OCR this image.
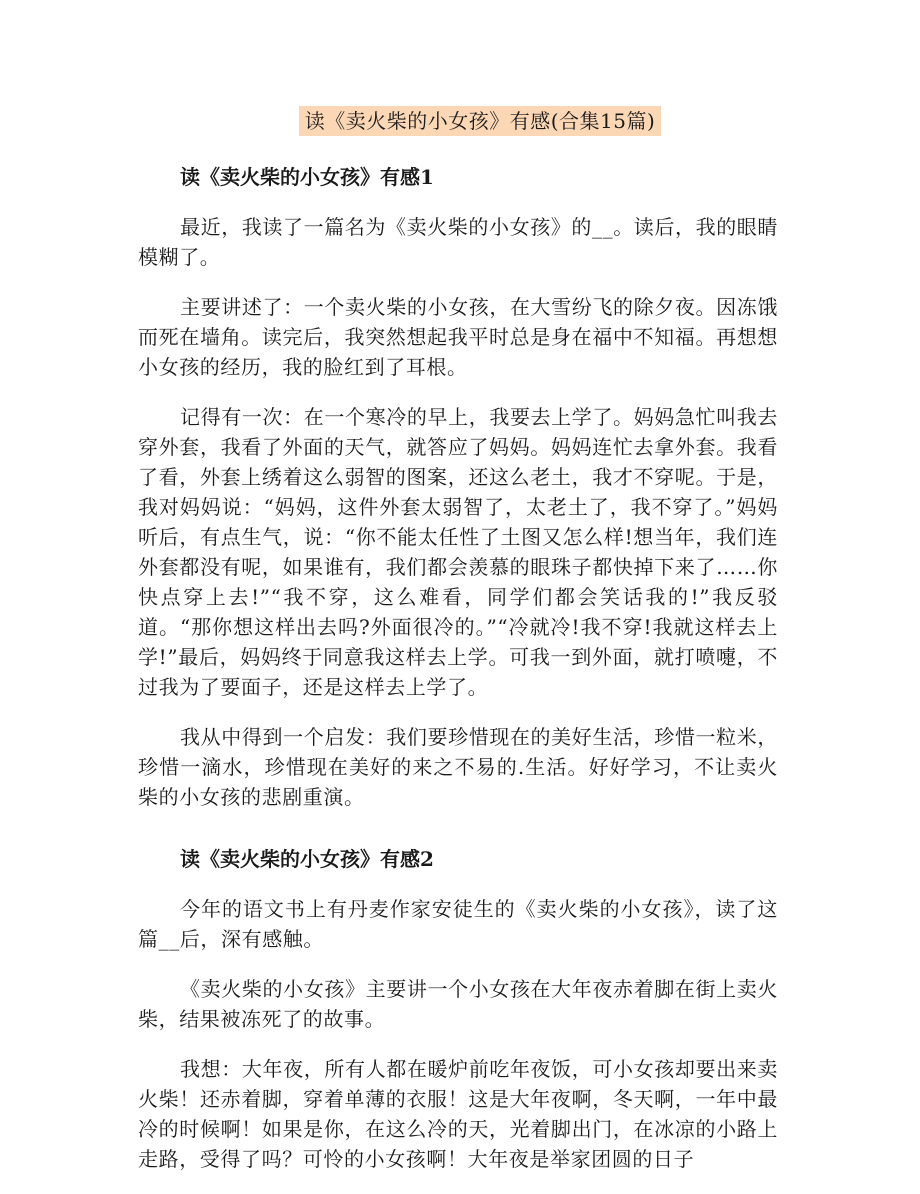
读《卖火柴的小女孩》有感(合集15篇)

读《卖火柴的小女孩》有感1

最近，我读了一篇名为《卖火柴的小女孩》的__。读后，我的眼睛模糊了。

主要讲述了：一个卖火柴的小女孩，在大雪纷飞的除夕夜。因冻饿而死在墙角。读完后，我突然想起我平时总是身在福中不知福。再想想小女孩的经历，我的脸红到了耳根。

记得有一次：在一个寒冷的早上，我要去上学了。妈妈急忙叫我去穿外套，我看了外面的天气，就答应了妈妈。妈妈连忙去拿外套。我看了看，外套上绣着这么弱智的图案，还这么老土，我才不穿呢。于是，我对妈妈说：“妈妈，这件外套太弱智了，太老土了，我不穿了。”妈妈听后，有点生气，说：“你不能太任性了土图又怎么样!想当年，我们连外套都没有呢，如果谁有，我们都会羡慕的眼珠子都快掉下来了……你快点穿上去!”“我不穿，这么难看，同学们都会笑话我的!”我反驳道。“那你想这样出去吗?外面很冷的。”“冷就冷!我不穿!我就这样去上学!”最后，妈妈终于同意我这样去上学。可我一到外面，就打喷嚏，不过我为了要面子，还是这样去上学了。

我从中得到一个启发：我们要珍惜现在的美好生活，珍惜一粒米，珍惜一滴水，珍惜现在美好的来之不易的.生活。好好学习，不让卖火柴的小女孩的悲剧重演。

读《卖火柴的小女孩》有感2

今年的语文书上有丹麦作家安徒生的《卖火柴的小女孩》，读了这篇__后，深有感触。

《卖火柴的小女孩》主要讲一个小女孩在大年夜赤着脚在街上卖火柴，结果被冻死了的故事。

我想：大年夜，所有人都在暖炉前吃年夜饭，可小女孩却要出来卖火柴！还赤着脚，穿着单薄的衣服！这是大年夜啊，冬天啊，一年中最冷的时候啊！如果是你，在这么冷的天，光着脚出门，在冰凉的小路上走路，受得了吗？可怜的小女孩啊！大年夜是举家团圆的日子
